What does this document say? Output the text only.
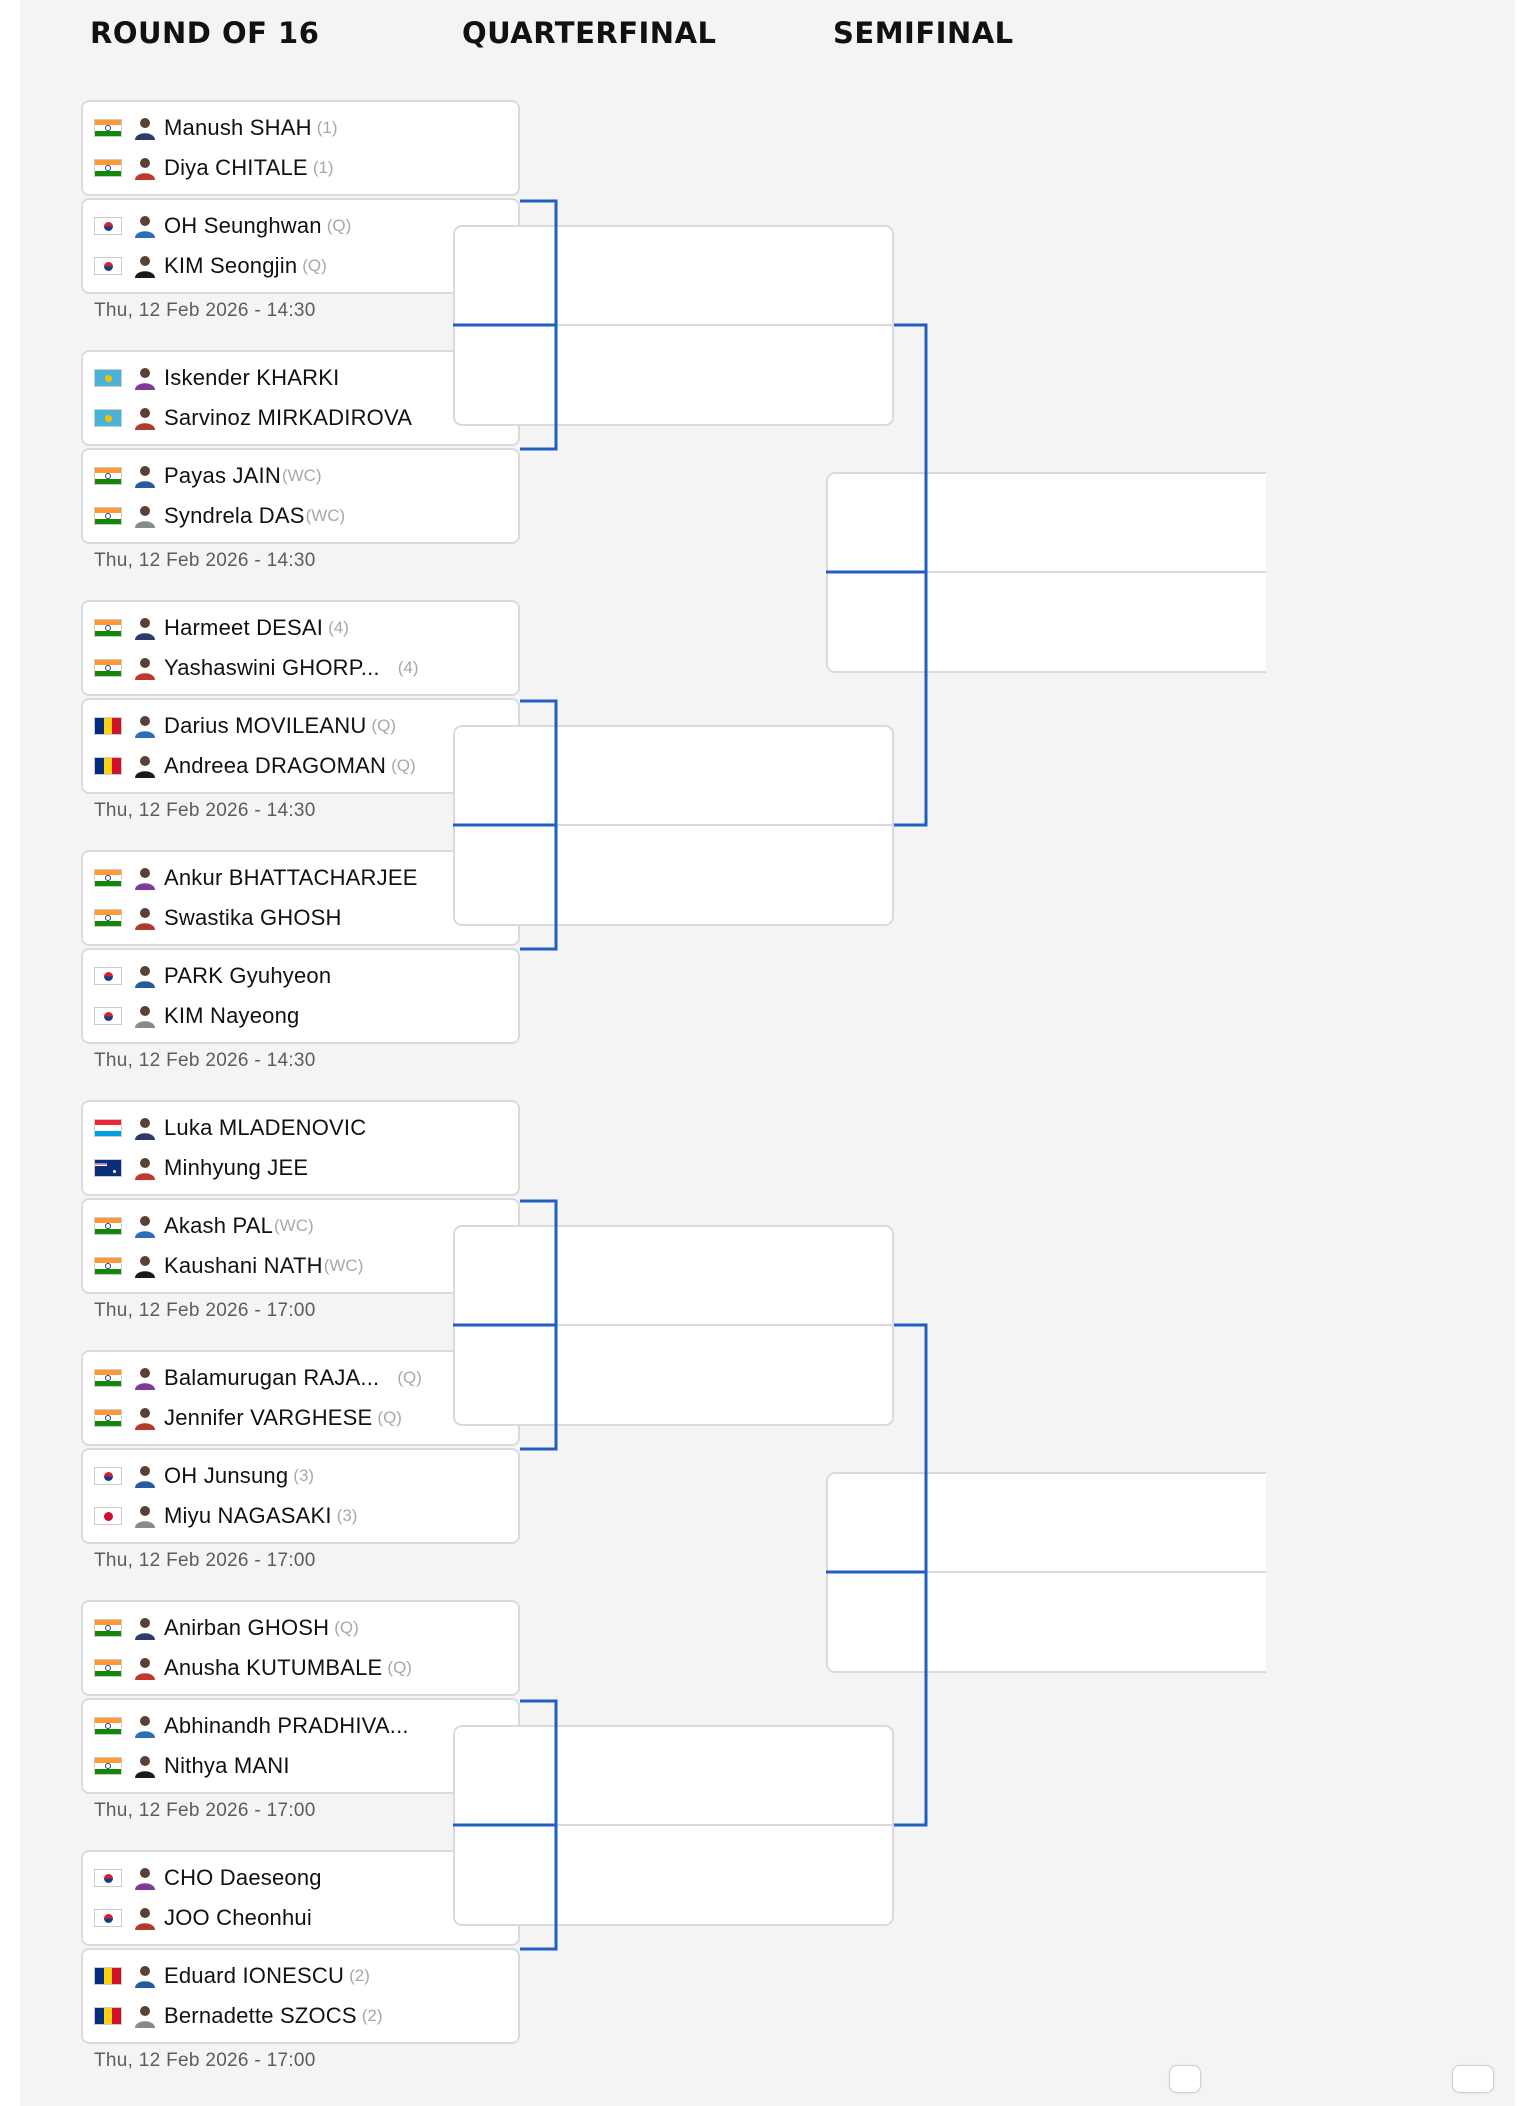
ROUND OF 16	QUARTERFINAL	SEMIFINAL
Manush SHAH (1)
Diya CHITALE (1)
OH Seunghwan (Q)
KIM Seongjin (Q)
Thu, 12 Feb 2026 - 14:30
Iskender KHARKI
Sarvinoz MIRKADIROVA
Payas JAIN (WC)
Syndrela DAS (WC)
Thu, 12 Feb 2026 - 14:30
Harmeet DESAI (4)
Yashaswini GHORP... (4)
Darius MOVILEANU (Q)
Andreea DRAGOMAN (Q)
Thu, 12 Feb 2026 - 14:30
Ankur BHATTACHARJEE
Swastika GHOSH
PARK Gyuhyeon
KIM Nayeong
Thu, 12 Feb 2026 - 14:30
Luka MLADENOVIC
Minhyung JEE
Akash PAL (WC)
Kaushani NATH (WC)
Thu, 12 Feb 2026 - 17:00
Balamurugan RAJA... (Q)
Jennifer VARGHESE (Q)
OH Junsung (3)
Miyu NAGASAKI (3)
Thu, 12 Feb 2026 - 17:00
Anirban GHOSH (Q)
Anusha KUTUMBALE (Q)
Abhinandh PRADHIVA...
Nithya MANI
Thu, 12 Feb 2026 - 17:00
CHO Daeseong
JOO Cheonhui
Eduard IONESCU (2)
Bernadette SZOCS (2)
Thu, 12 Feb 2026 - 17:00
